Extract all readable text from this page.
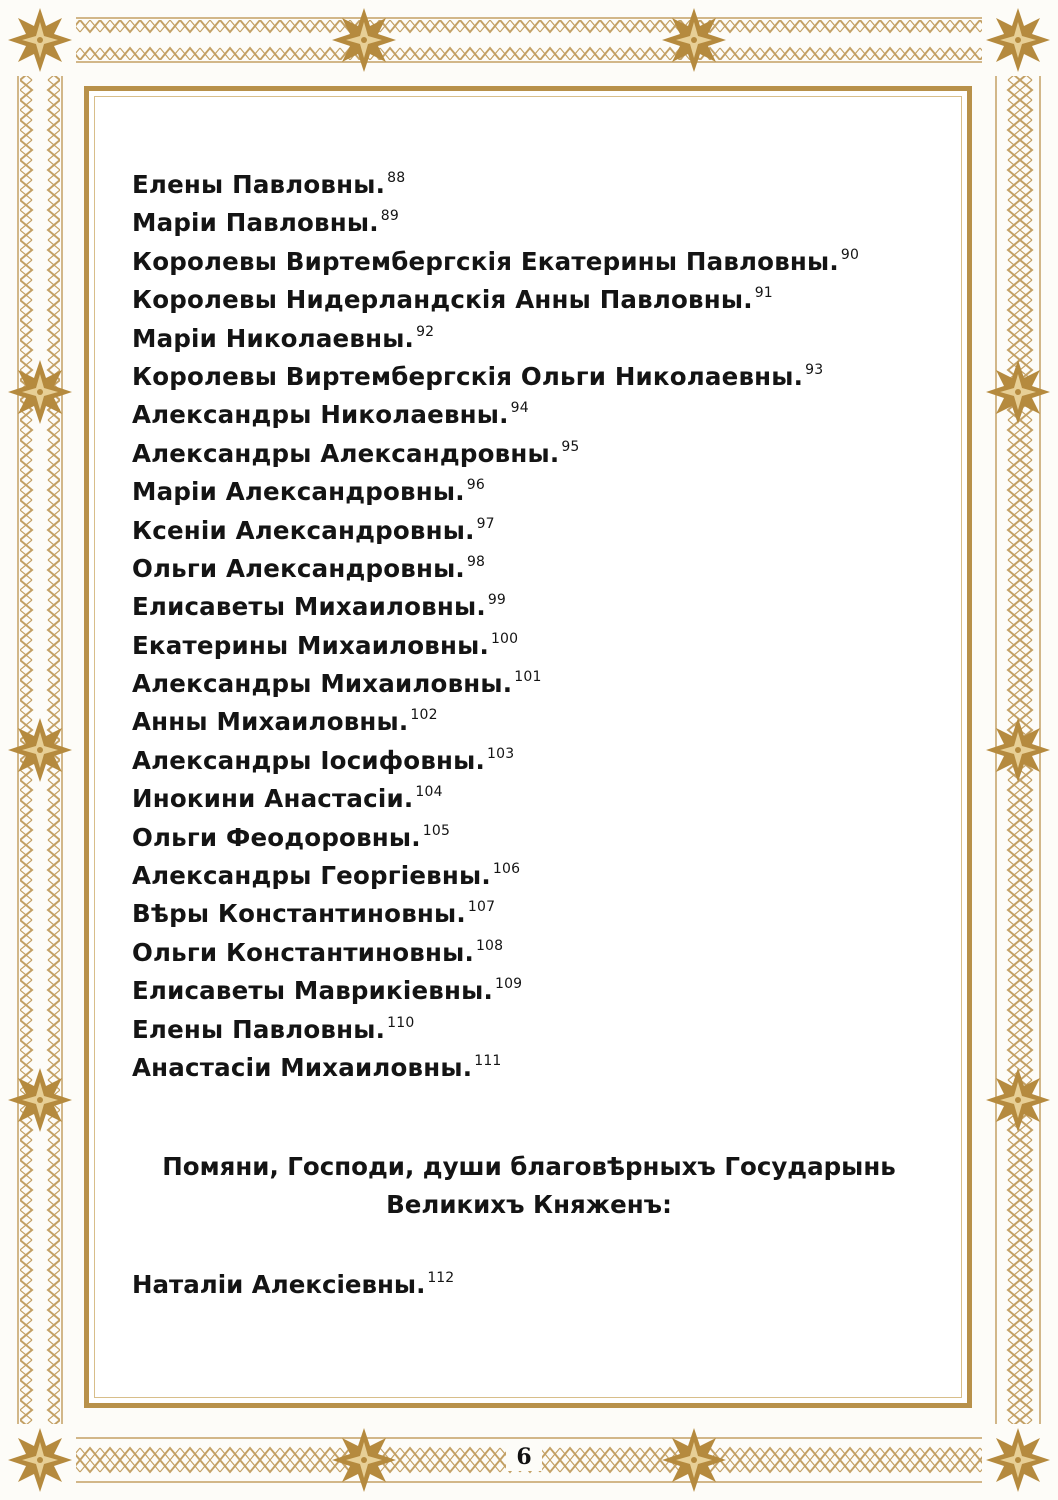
Елены Павловны. $^{88}$
Маріи Павловны. $^{89}$
Королевы Виртембергскія Екатерины Павловны. $^{90}$
Королевы Нидерландскія Анны Павловны. $^{91}$
Маріи Николаевны. $^{92}$
Королевы Виртембергскія Ольги Николаевны. $^{93}$
Александры Николаевны. $^{94}$
Александры Александровны. $^{95}$
Маріи Александровны. $^{96}$
Ксеніи Александровны. $^{97}$
Ольги Александровны. $^{98}$
Елисаветы Михаиловны. $^{99}$
Екатерины Михаиловны. $^{100}$
Александры Михаиловны. $^{101}$
Анны Михаиловны. $^{102}$
Александры Іосифовны. $^{103}$
Инокини Анастасіи. $^{104}$
Ольги Феодоровны. $^{105}$
Александры Георгіевны. $^{106}$
Вѣры Константиновны. $^{107}$
Ольги Константиновны. $^{108}$
Елисаветы Маврикіевны. $^{109}$
Елены Павловны. $^{110}$
Анастасіи Михаиловны. $^{111}$
Помяни, Господи, души благовѣрныхъ Государынь
Великихъ Княженъ:
Наталіи Алексіевны. $^{112}$
6
